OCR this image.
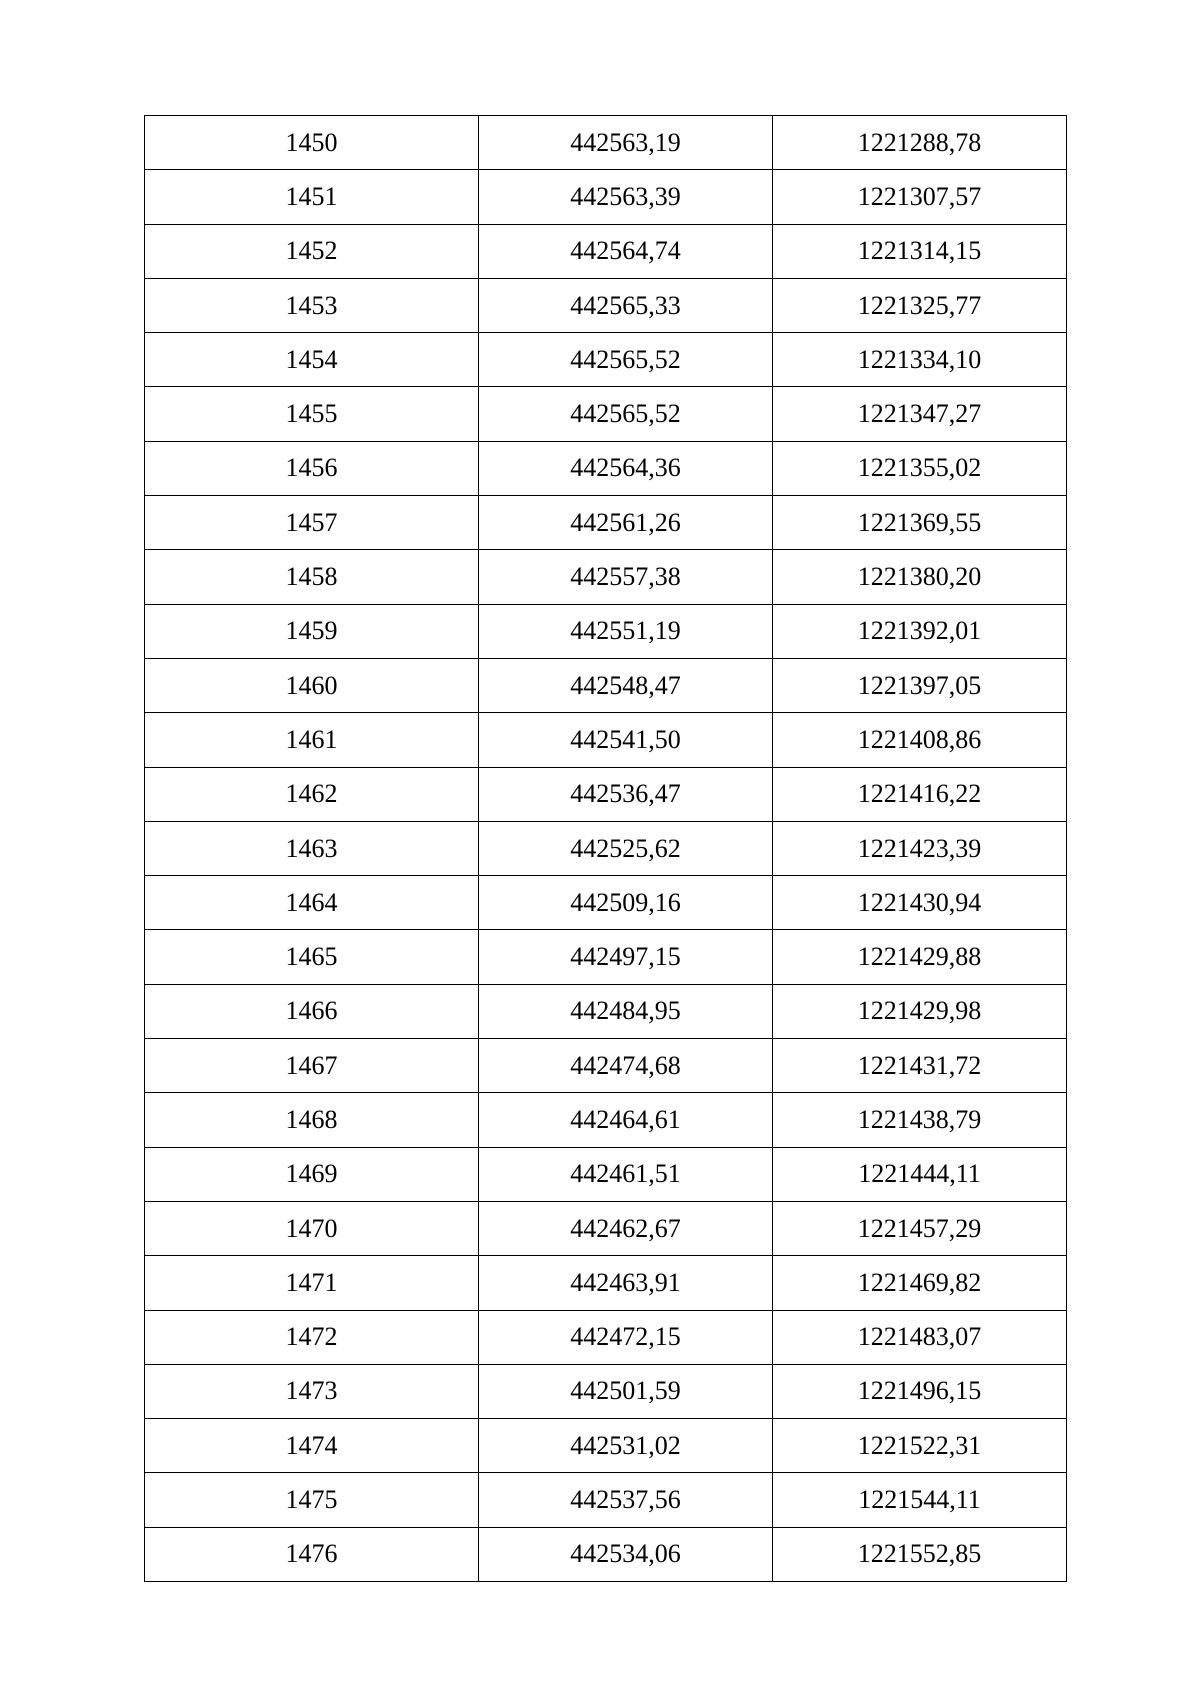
1450	442563,19	1221288,78
1451	442563,39	1221307,57
1452	442564,74	1221314,15
1453	442565,33	1221325,77
1454	442565,52	1221334,10
1455	442565,52	1221347,27
1456	442564,36	1221355,02
1457	442561,26	1221369,55
1458	442557,38	1221380,20
1459	442551,19	1221392,01
1460	442548,47	1221397,05
1461	442541,50	1221408,86
1462	442536,47	1221416,22
1463	442525,62	1221423,39
1464	442509,16	1221430,94
1465	442497,15	1221429,88
1466	442484,95	1221429,98
1467	442474,68	1221431,72
1468	442464,61	1221438,79
1469	442461,51	1221444,11
1470	442462,67	1221457,29
1471	442463,91	1221469,82
1472	442472,15	1221483,07
1473	442501,59	1221496,15
1474	442531,02	1221522,31
1475	442537,56	1221544,11
1476	442534,06	1221552,85
